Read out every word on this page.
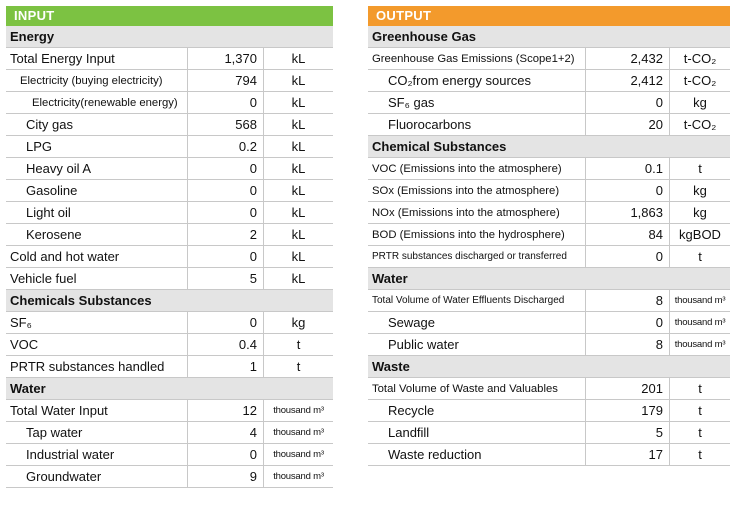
INPUT
Energy
Total Energy Input	1,370	kL
Electricity (buying electricity)	794	kL
Electricity(renewable energy)	0	kL
City gas	568	kL
LPG	0.2	kL
Heavy oil A	0	kL
Gasoline	0	kL
Light oil	0	kL
Kerosene	2	kL
Cold and hot water	0	kL
Vehicle fuel	5	kL
Chemicals Substances
SF₆	0	kg
VOC	0.4	t
PRTR substances handled	1	t
Water
Total Water Input	12	thousand m³
Tap water	4	thousand m³
Industrial water	0	thousand m³
Groundwater	9	thousand m³
OUTPUT
Greenhouse Gas
Greenhouse Gas Emissions (Scope1+2)	2,432	t-CO₂
CO₂from energy sources	2,412	t-CO₂
SF₆ gas	0	kg
Fluorocarbons	20	t-CO₂
Chemical Substances
VOC (Emissions into the atmosphere)	0.1	t
SOx (Emissions into the atmosphere)	0	kg
NOx (Emissions into the atmosphere)	1,863	kg
BOD (Emissions into the hydrosphere)	84	kgBOD
PRTR substances discharged or transferred	0	t
Water
Total Volume of Water Effluents Discharged	8	thousand m³
Sewage	0	thousand m³
Public water	8	thousand m³
Waste
Total Volume of Waste and Valuables	201	t
Recycle	179	t
Landfill	5	t
Waste reduction	17	t
